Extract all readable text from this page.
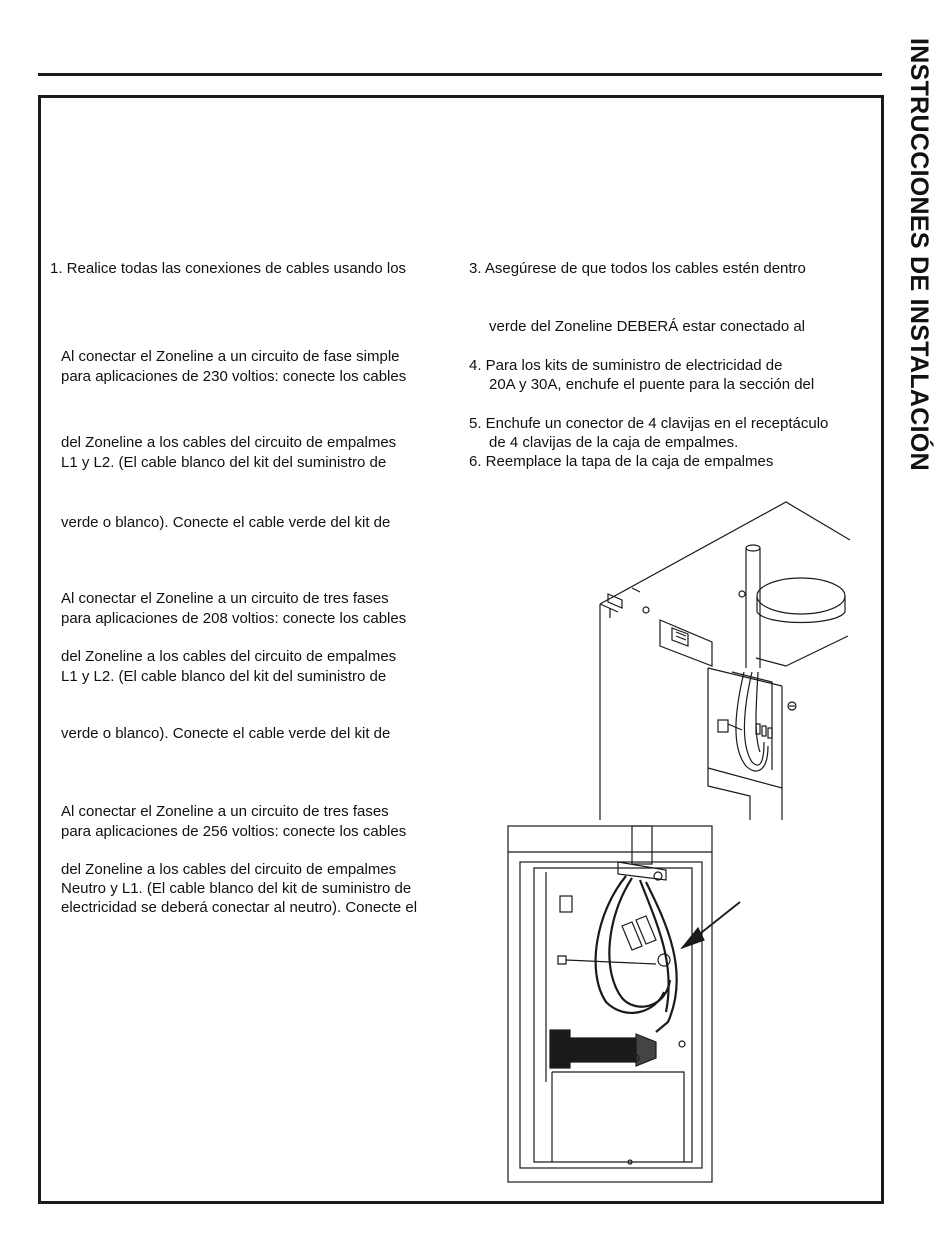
INSTRUCCIONES DE INSTALACIÓN
1. Realice todas las conexiones de cables usando los
Al conectar el Zoneline a un circuito de fase simple
para aplicaciones de 230 voltios: conecte los cables
del Zoneline a los cables del circuito de empalmes
L1 y L2. (El cable blanco del kit del suministro de
verde o blanco). Conecte el cable verde del kit de
Al conectar el Zoneline a un circuito de tres fases
para aplicaciones de 208 voltios: conecte los cables
del Zoneline a los cables del circuito de empalmes
L1 y L2. (El cable blanco del kit del suministro de
verde o blanco). Conecte el cable verde del kit de
Al conectar el Zoneline a un circuito de tres fases
para aplicaciones de 256 voltios: conecte los cables
del Zoneline a los cables del circuito de empalmes
Neutro y L1. (El cable blanco del kit de suministro de
electricidad se deberá conectar al neutro). Conecte el
3. Asegúrese de que todos los cables estén dentro
verde del Zoneline DEBERÁ estar conectado al
4. Para los kits de suministro de electricidad de
20A y 30A, enchufe el puente para la sección del
5. Enchufe un conector de 4 clavijas en el receptáculo
de 4 clavijas de la caja de empalmes.
6. Reemplace la tapa de la caja de empalmes
